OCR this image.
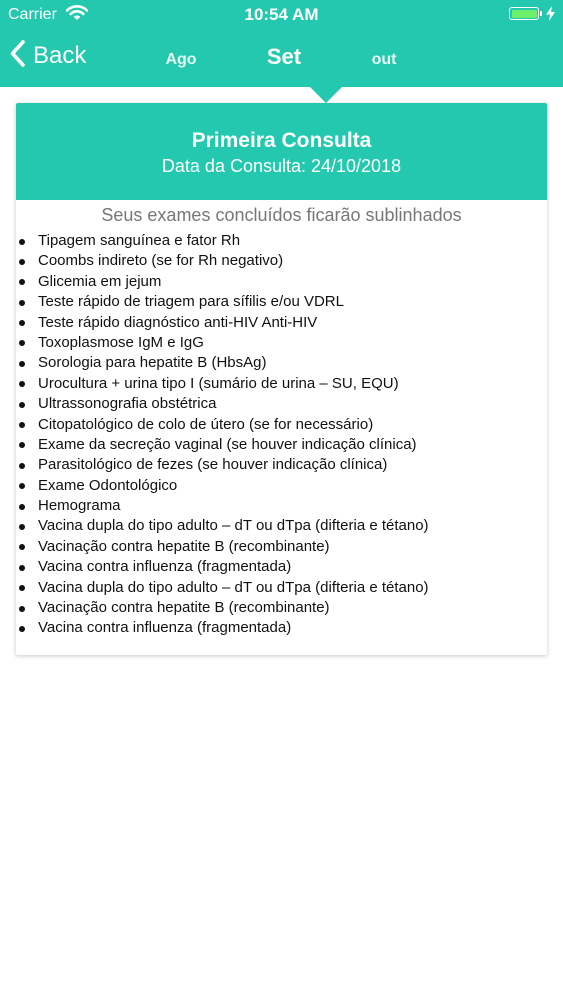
Carrier	10:54 AM
Back	Ago	Set	out
Primeira Consulta
Data da Consulta: 24/10/2018
Seus exames concluídos ficarão sublinhados
Tipagem sanguínea e fator Rh
Coombs indireto (se for Rh negativo)
Glicemia em jejum
Teste rápido de triagem para sífilis e/ou VDRL
Teste rápido diagnóstico anti-HIV Anti-HIV
Toxoplasmose IgM e IgG
Sorologia para hepatite B (HbsAg)
Urocultura + urina tipo I (sumário de urina – SU, EQU)
Ultrassonografia obstétrica
Citopatológico de colo de útero (se for necessário)
Exame da secreção vaginal (se houver indicação clínica)
Parasitológico de fezes (se houver indicação clínica)
Exame Odontológico
Hemograma
Vacina dupla do tipo adulto – dT ou dTpa (difteria e tétano)
Vacinação contra hepatite B (recombinante)
Vacina contra influenza (fragmentada)
Vacina dupla do tipo adulto – dT ou dTpa (difteria e tétano)
Vacinação contra hepatite B (recombinante)
Vacina contra influenza (fragmentada)
